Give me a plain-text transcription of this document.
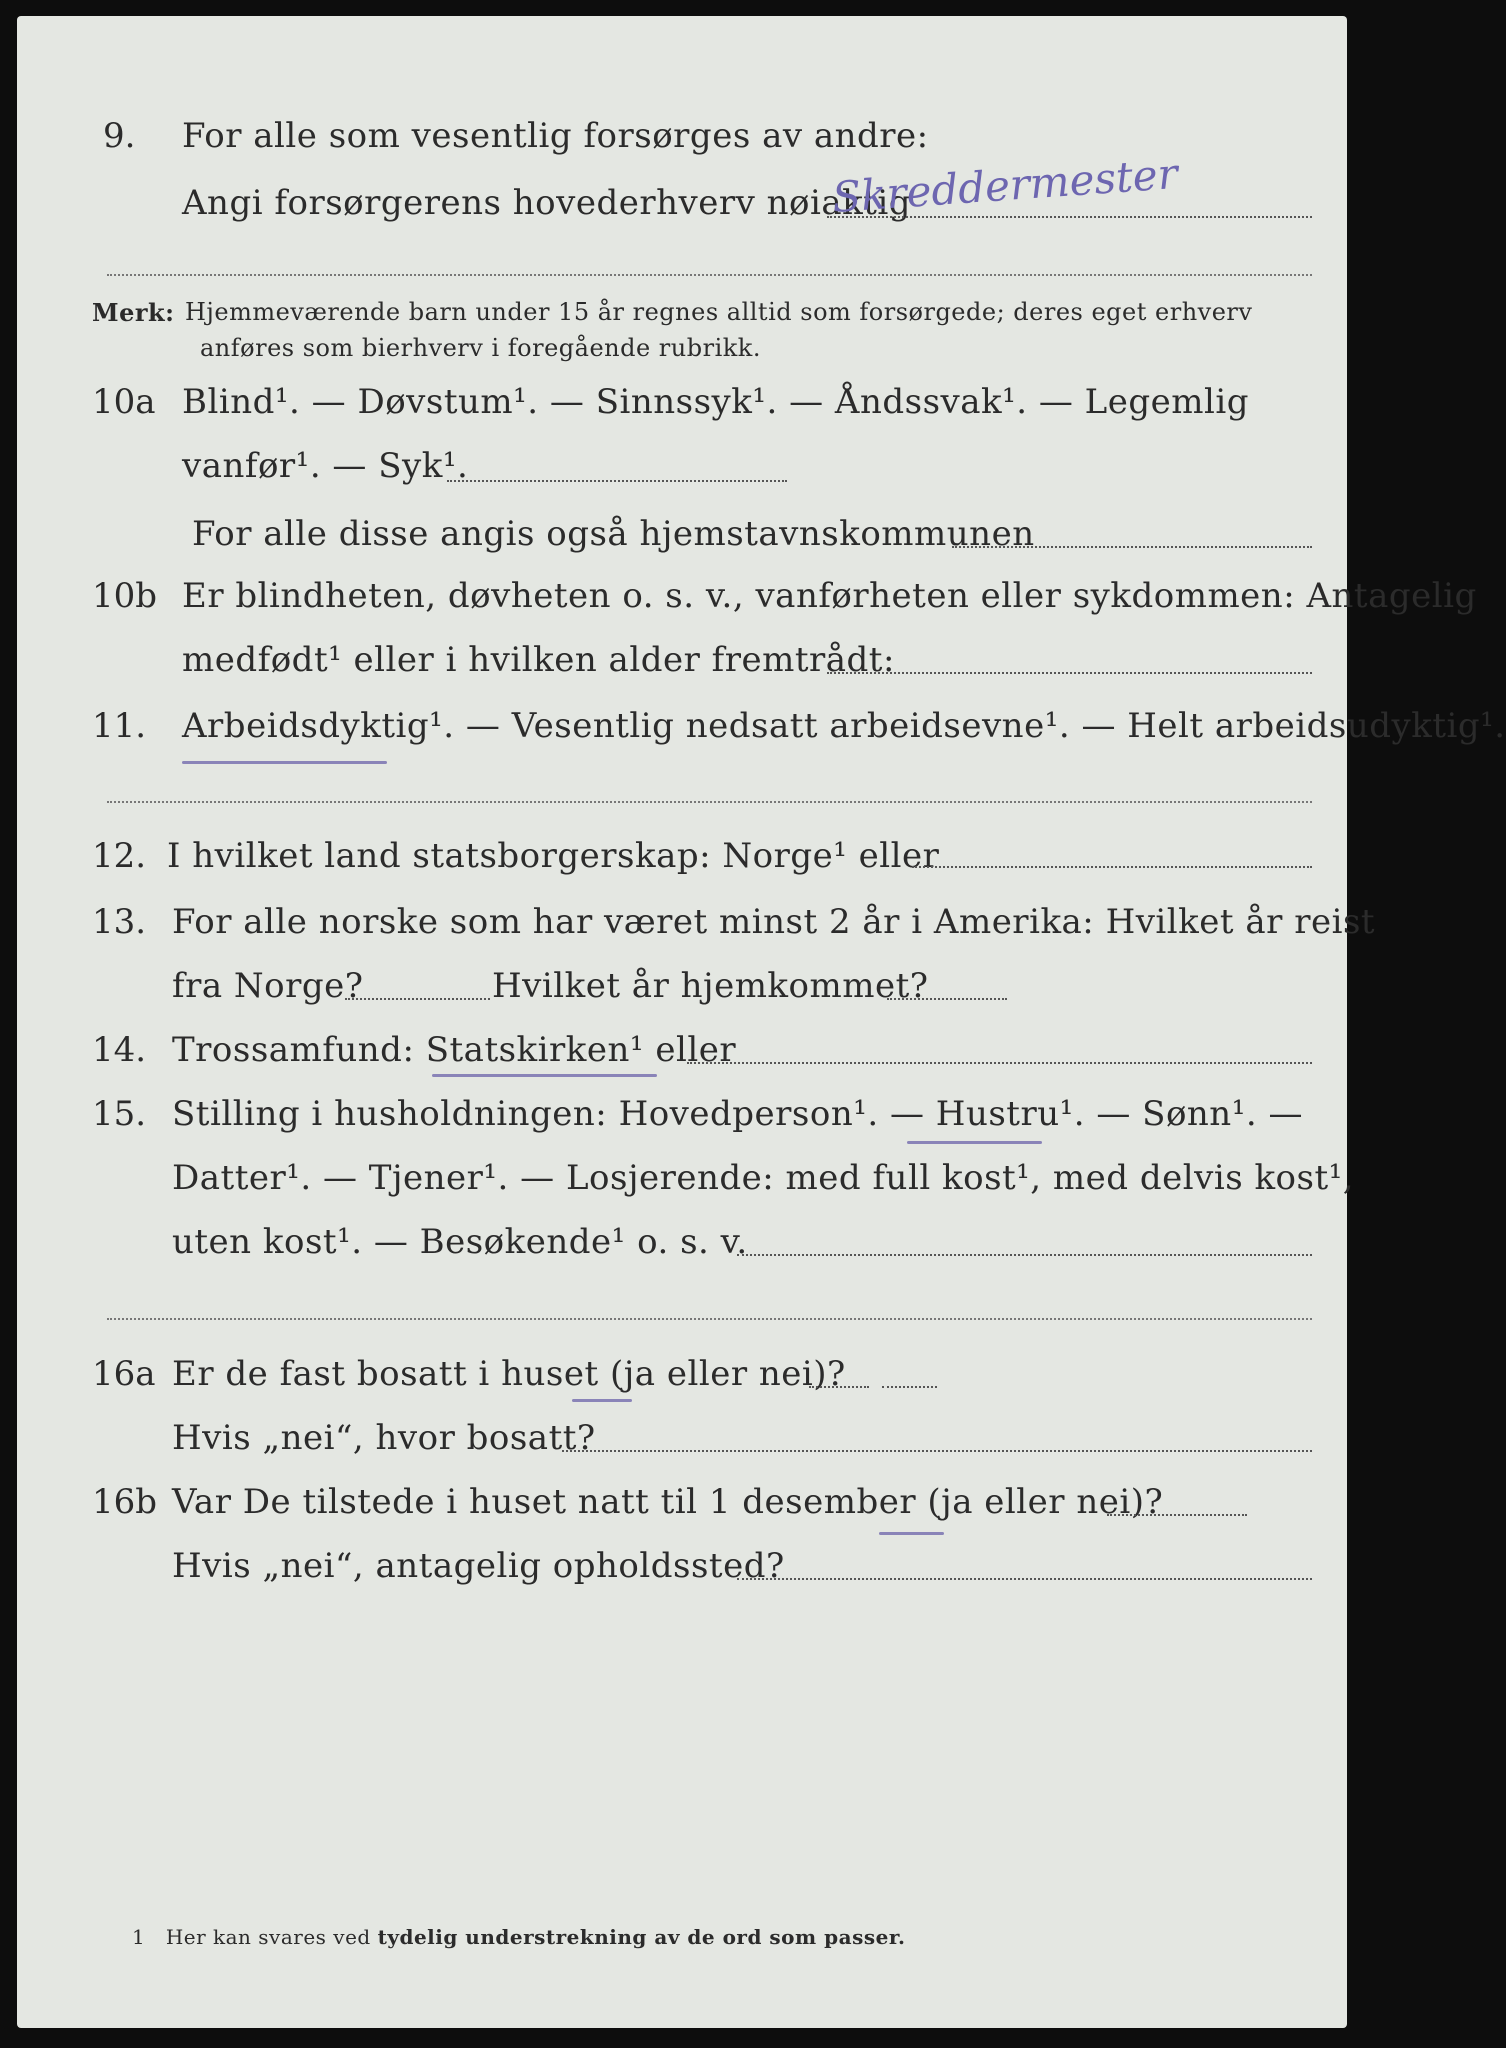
9. For alle som vesentlig forsørges av andre:
Angi forsørgerens hovederhverv nøiaktig
Skreddermester
Merk: Hjemmeværende barn under 15 år regnes alltid som forsørgede; deres eget erhverv
anføres som bierhverv i foregående rubrikk.
10a Blind¹. — Døvstum¹. — Sinnssyk¹. — Åndssvak¹. — Legemlig
vanfør¹. — Syk¹.
For alle disse angis også hjemstavnskommunen
10b Er blindheten, døvheten o. s. v., vanførheten eller sykdommen: Antagelig
medfødt¹ eller i hvilken alder fremtrådt:
11. Arbeidsdyktig¹. — Vesentlig nedsatt arbeidsevne¹. — Helt arbeidsudyktig¹.
12. I hvilket land statsborgerskap: Norge¹ eller
13. For alle norske som har været minst 2 år i Amerika: Hvilket år reist
fra Norge?	Hvilket år hjemkommet?
14. Trossamfund: Statskirken¹ eller
15. Stilling i husholdningen: Hovedperson¹. — Hustru¹. — Sønn¹. —
Datter¹. — Tjener¹. — Losjerende: med full kost¹, med delvis kost¹,
uten kost¹. — Besøkende¹ o. s. v.
16a Er de fast bosatt i huset (ja eller nei)?
Hvis „nei“, hvor bosatt?
16b Var De tilstede i huset natt til 1 desember (ja eller nei)?
Hvis „nei“, antagelig opholdssted?
1 Her kan svares ved tydelig understrekning av de ord som passer.
